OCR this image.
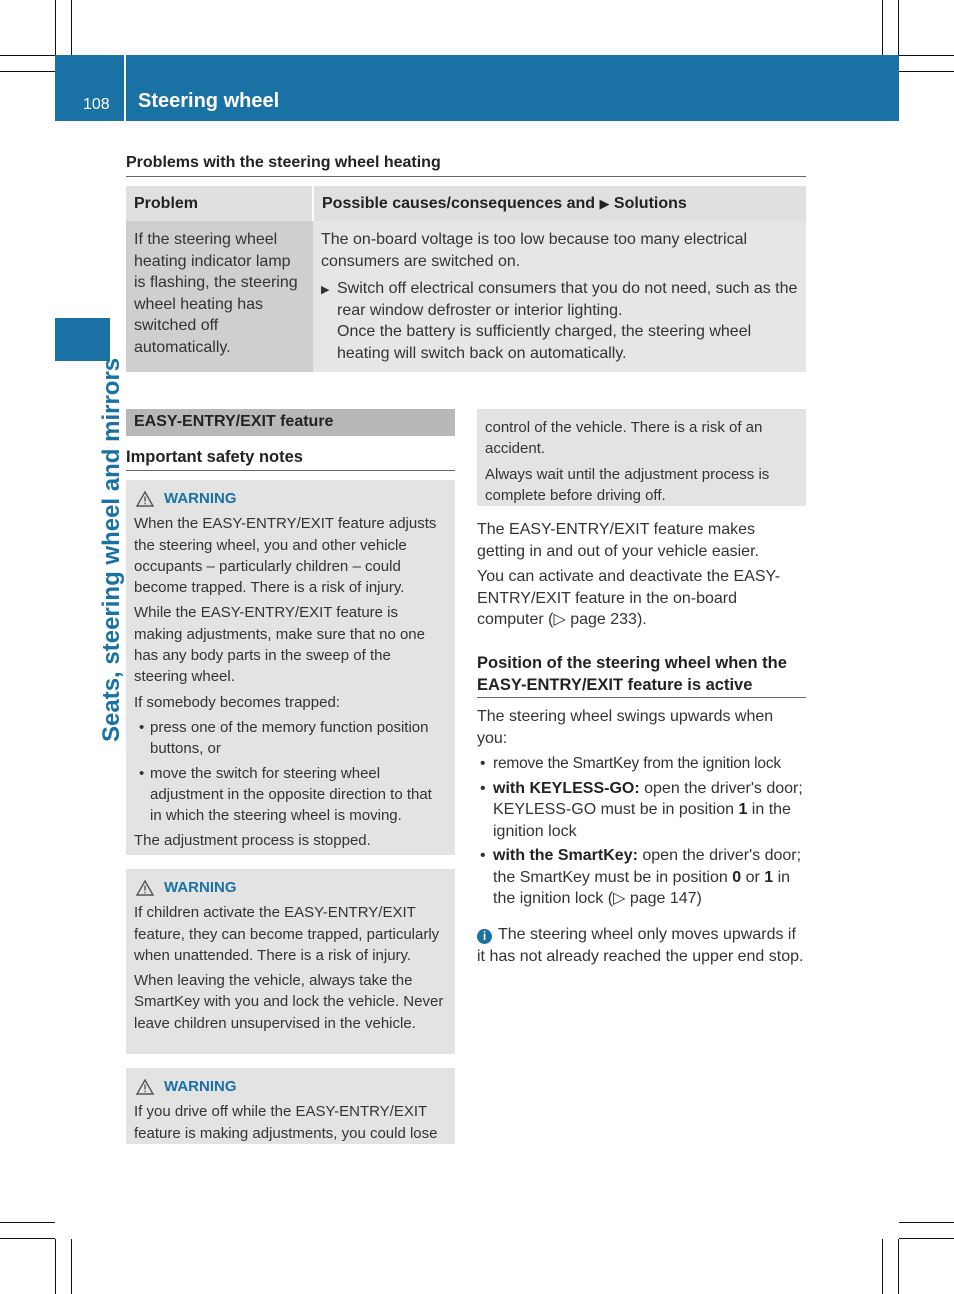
108 Steering wheel
Seats, steering wheel and mirrors
Problems with the steering wheel heating
Problem	Possible causes/consequences and ▶ Solutions
If the steering wheel heating indicator lamp is flashing, the steering wheel heating has switched off automatically.	The on-board voltage is too low because too many electrical consumers are switched on.
▶ Switch off electrical consumers that you do not need, such as the rear window defroster or interior lighting.
Once the battery is sufficiently charged, the steering wheel heating will switch back on automatically.
EASY-ENTRY/EXIT feature
Important safety notes
WARNING

When the EASY-ENTRY/EXIT feature adjusts the steering wheel, you and other vehicle occupants – particularly children – could become trapped. There is a risk of injury.

While the EASY-ENTRY/EXIT feature is making adjustments, make sure that no one has any body parts in the sweep of the steering wheel.

If somebody becomes trapped:

• press one of the memory function position buttons, or
• move the switch for steering wheel adjustment in the opposite direction to that in which the steering wheel is moving.

The adjustment process is stopped.

WARNING

If children activate the EASY-ENTRY/EXIT feature, they can become trapped, particularly when unattended. There is a risk of injury.

When leaving the vehicle, always take the SmartKey with you and lock the vehicle. Never leave children unsupervised in the vehicle.

WARNING

If you drive off while the EASY-ENTRY/EXIT feature is making adjustments, you could lose

control of the vehicle. There is a risk of an accident.

Always wait until the adjustment process is complete before driving off.

The EASY-ENTRY/EXIT feature makes getting in and out of your vehicle easier.

You can activate and deactivate the EASY-ENTRY/EXIT feature in the on-board computer (▷ page 233).

Position of the steering wheel when the EASY-ENTRY/EXIT feature is active

The steering wheel swings upwards when you:

• remove the SmartKey from the ignition lock
• with KEYLESS-GO: open the driver's door; KEYLESS-GO must be in position 1 in the ignition lock
• with the SmartKey: open the driver's door; the SmartKey must be in position 0 or 1 in the ignition lock (▷ page 147)
i The steering wheel only moves upwards if it has not already reached the upper end stop.
